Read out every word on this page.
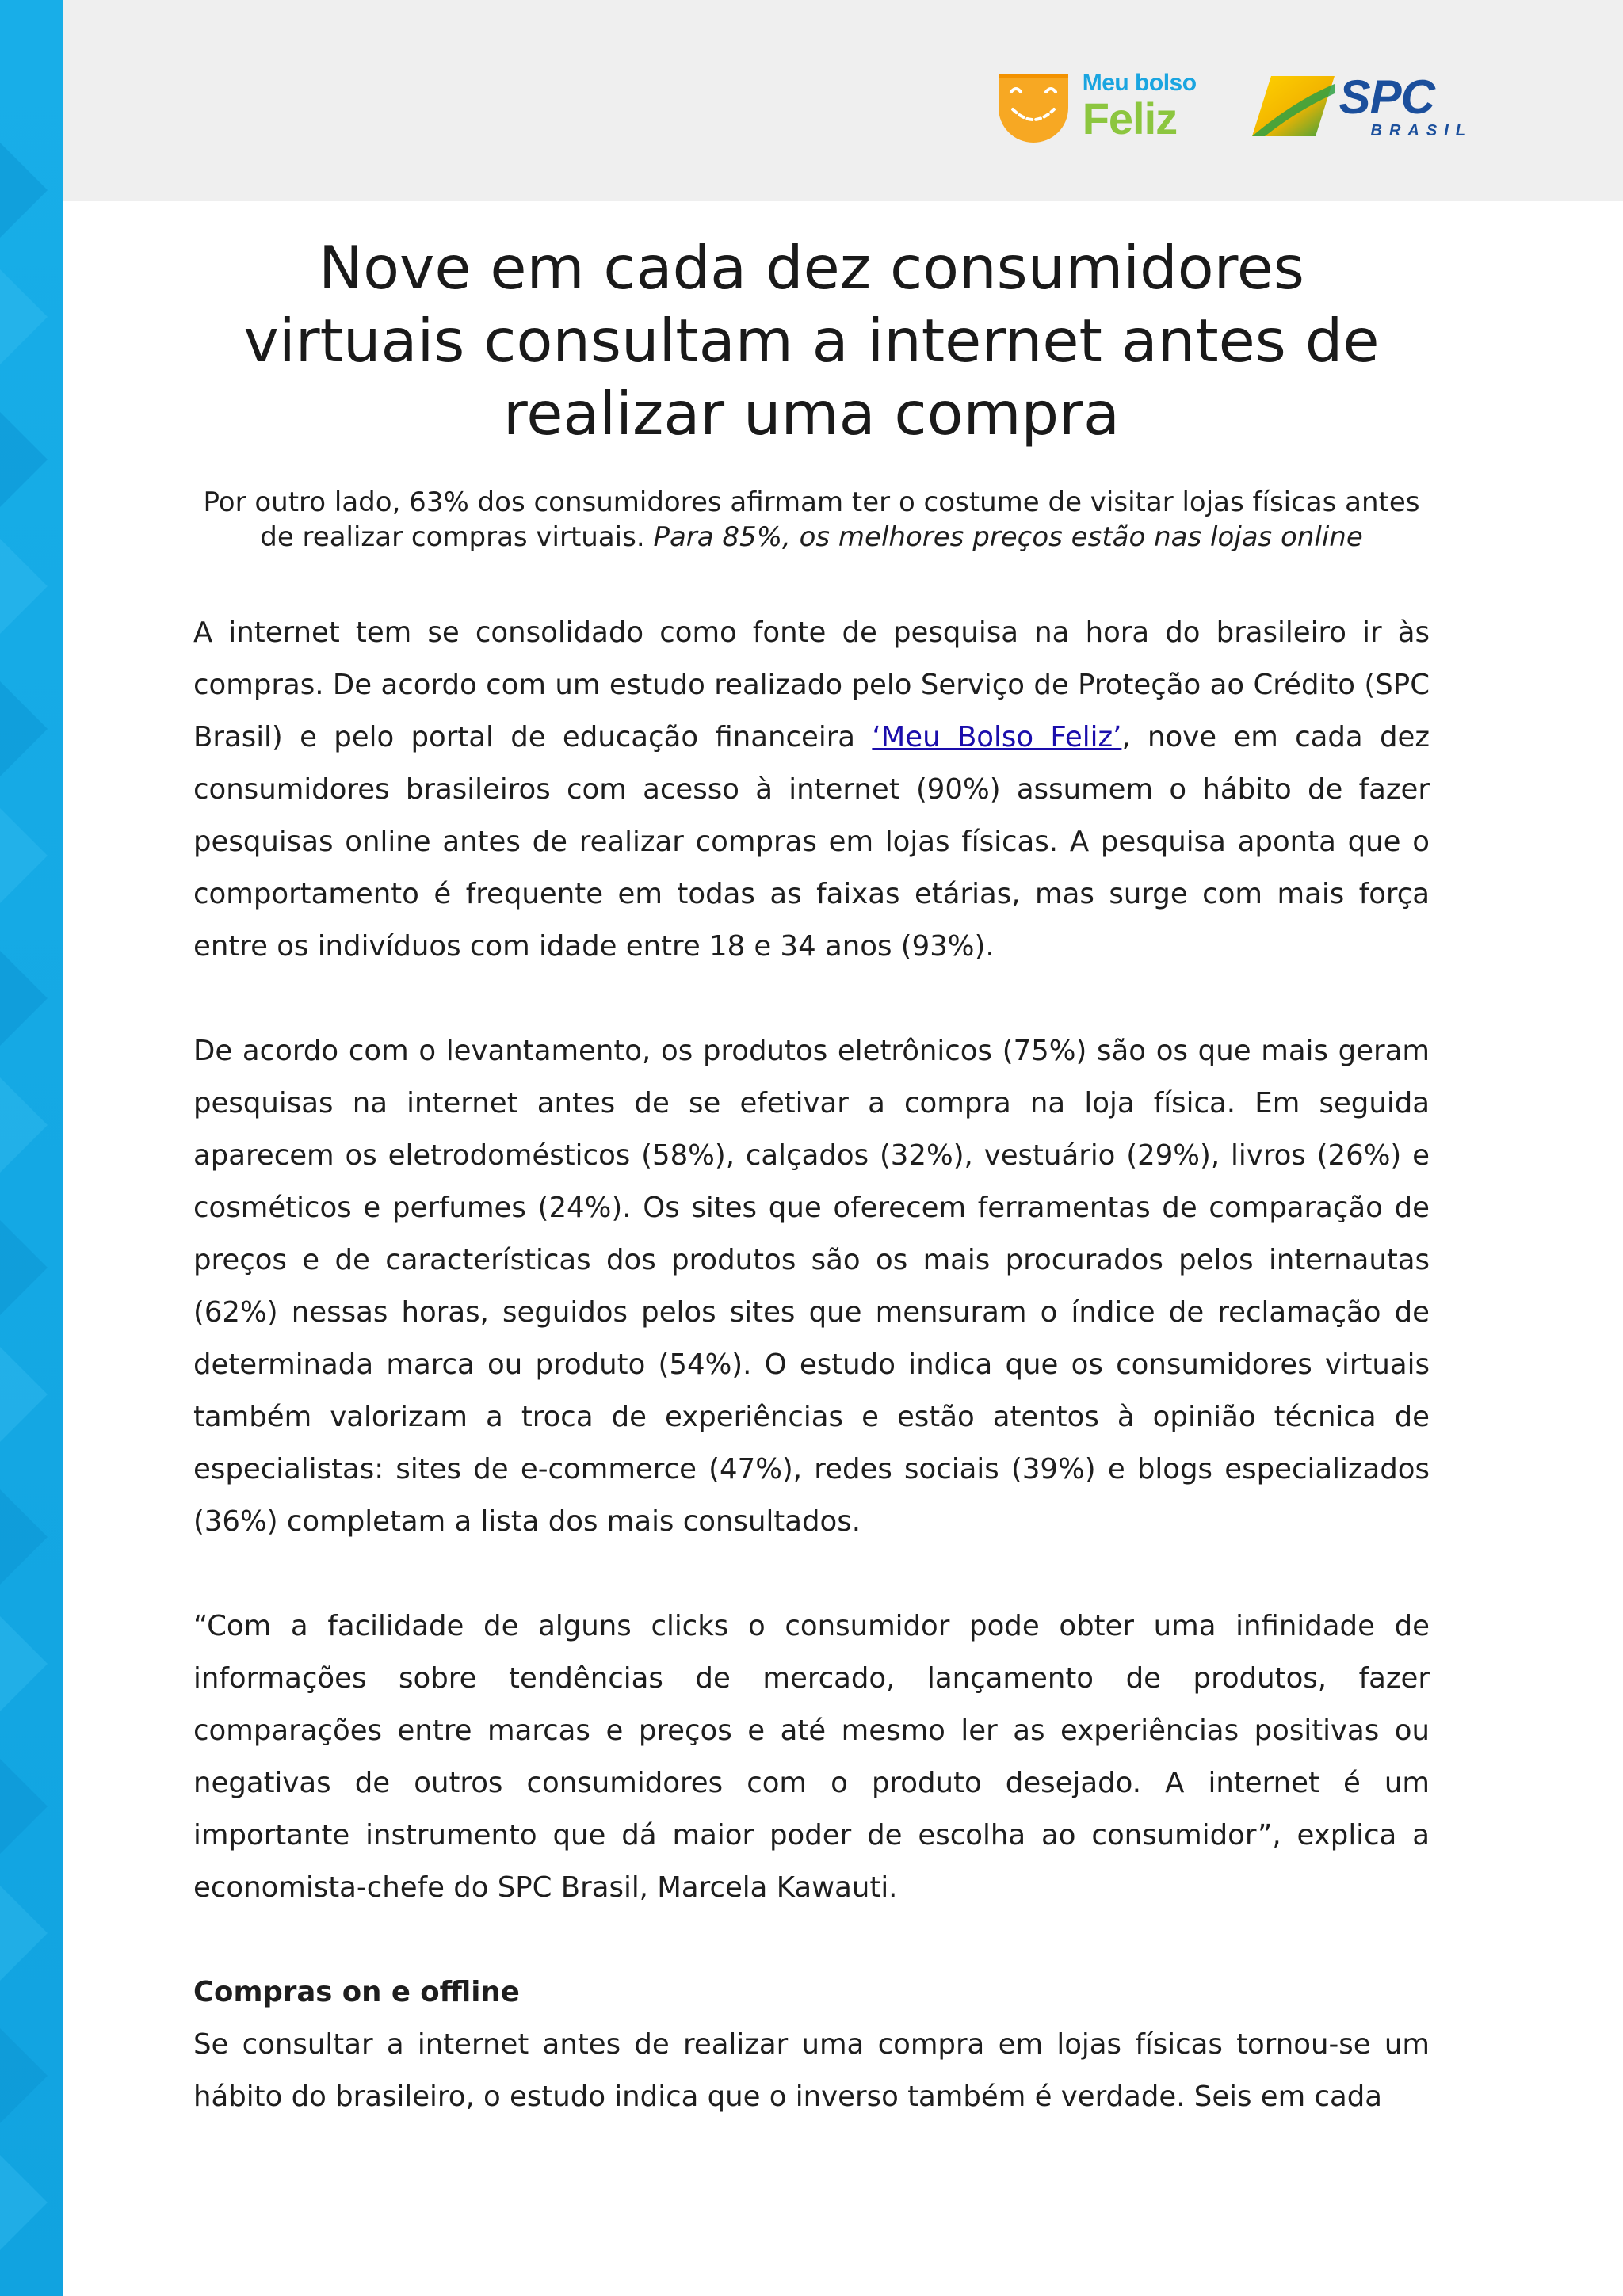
Meu bolso
Feliz	SPC
BRASIL
Nove em cada dez consumidores virtuais consultam a internet antes de realizar uma compra

Por outro lado, 63% dos consumidores afirmam ter o costume de visitar lojas físicas antes de realizar compras virtuais. Para 85%, os melhores preços estão nas lojas online

A internet tem se consolidado como fonte de pesquisa na hora do brasileiro ir às compras. De acordo com um estudo realizado pelo Serviço de Proteção ao Crédito (SPC Brasil) e pelo portal de educação financeira ‘Meu Bolso Feliz’, nove em cada dez consumidores brasileiros com acesso à internet (90%) assumem o hábito de fazer pesquisas online antes de realizar compras em lojas físicas. A pesquisa aponta que o comportamento é frequente em todas as faixas etárias, mas surge com mais força entre os indivíduos com idade entre 18 e 34 anos (93%).

De acordo com o levantamento, os produtos eletrônicos (75%) são os que mais geram pesquisas na internet antes de se efetivar a compra na loja física. Em seguida aparecem os eletrodomésticos (58%), calçados (32%), vestuário (29%), livros (26%) e cosméticos e perfumes (24%). Os sites que oferecem ferramentas de comparação de preços e de características dos produtos são os mais procurados pelos internautas (62%) nessas horas, seguidos pelos sites que mensuram o índice de reclamação de determinada marca ou produto (54%). O estudo indica que os consumidores virtuais também valorizam a troca de experiências e estão atentos à opinião técnica de especialistas: sites de e-commerce (47%), redes sociais (39%) e blogs especializados (36%) completam a lista dos mais consultados.

“Com a facilidade de alguns clicks o consumidor pode obter uma infinidade de informações sobre tendências de mercado, lançamento de produtos, fazer comparações entre marcas e preços e até mesmo ler as experiências positivas ou negativas de outros consumidores com o produto desejado. A internet é um importante instrumento que dá maior poder de escolha ao consumidor”, explica a economista-chefe do SPC Brasil, Marcela Kawauti.

Compras on e offline

Se consultar a internet antes de realizar uma compra em lojas físicas tornou-se um hábito do brasileiro, o estudo indica que o inverso também é verdade. Seis em cada
